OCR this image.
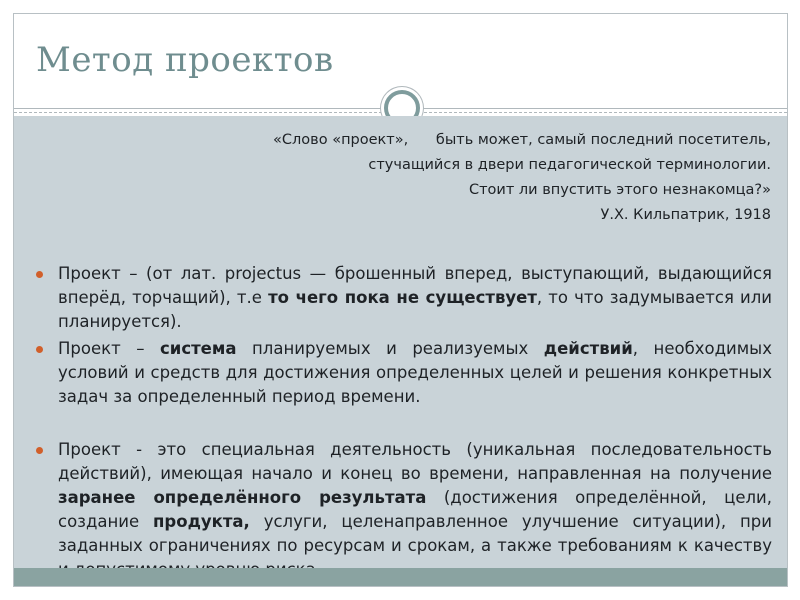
Метод проектов
«Слово «проект»,      быть может, самый последний посетитель,
стучащийся в двери педагогической терминологии.
Стоит ли впустить этого незнакомца?»
У.Х. Кильпатрик, 1918
Проект – (от лат. projectus — брошенный вперед, выступающий, выдающийся вперёд, торчащий), т.е то чего пока не существует, то что задумывается или планируется).
Проект – система планируемых и реализуемых действий, необходимых условий и средств для достижения определенных целей и решения конкретных задач за определенный период времени.
Проект - это специальная деятельность (уникальная последовательность действий), имеющая начало и конец во времени, направленная на получение заранее определённого результата (достижения определённой, цели, создание продукта, услуги, целенаправленное улучшение ситуации), при заданных ограничениях по ресурсам и срокам, а также требованиям к качеству
